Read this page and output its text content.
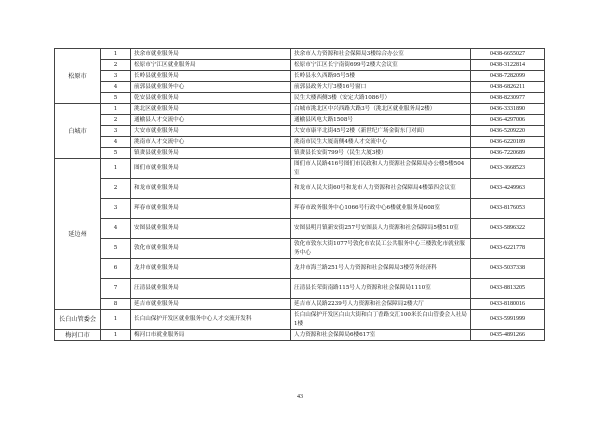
松原市	1	扶余市就业服务局	扶余市人力资源和社会保障局3楼综合办公室	0438-6655027
	2	松原市宁江区就业服务局	松原市宁江区长宁南街699号2楼大会议室	0438-3122814
	3	长岭县就业服务局	长岭县永久西路95号5楼	0438-7282099
	4	前郭县就业服务中心	前郭县政务大厅3楼16号窗口	0438-6826211
	5	乾安县就业服务局	民生大楼西侧3楼（安定大路1086号）	0438-8230977
白城市	1	洮北区就业服务局	白城市洮北区中兴西路大路3号（洮北区就业服务局2楼）	0436-3331890
	2	通榆县人才交流中心	通榆县风电大路1508号	0436-4297006
	3	大安市就业服务局	大安市康平北街45号2楼（新世纪广场金街东门对面）	0436-5209220
	4	洮南市人才交流中心	洮南市民生大厦南侧4楼人才交流中心	0436-6220189
	5	镇赉县就业服务局	镇赉县长安街799号（民生大厦3楼）	0436-7220689
延边州	1	图们市就业服务局	图们市人民路416号图们市民政和人力资源社会保障局办公楼5楼504室	0433-3668523
	2	和龙市就业服务局	和龙市人民大街60号和龙市人力资源和社会保障局4楼第四会议室	0433-4249963
	3	珲春市就业服务局	珲春市政务服务中心1066号行政中心6楼就业服务局608室	0433-8176053
	4	安图县就业服务局	安图县明月镇新安街257号安图县人力资源和社会保障局5楼510室	0433-5896322
	5	敦化市就业服务局	敦化市敦东大街1077号敦化市农民工公共服务中心三楼敦化市就业服务中心	0433-6221778
	6	龙井市就业服务局	龙井市海兰路251号人力资源和社会保障局3楼劳务经济科	0433-5037338
	7	汪清县就业服务局	汪清县长荣街南路115号人力资源和社会保障局1110室	0433-8813205
	8	延吉市就业服务局	延吉市人民路2239号人力资源和社会保障局2楼大厅	0433-8180016
长白山管委会	1	长白山保护开发区就业服务中心人才交流开发科	长白山保护开发区白山大街和白丁香路交汇100米长白山管委会人社局1楼	0433-5991999
梅河口市	1	梅河口市就业服务局	人力资源和社会保障局6楼617室	0435-4891266
43
